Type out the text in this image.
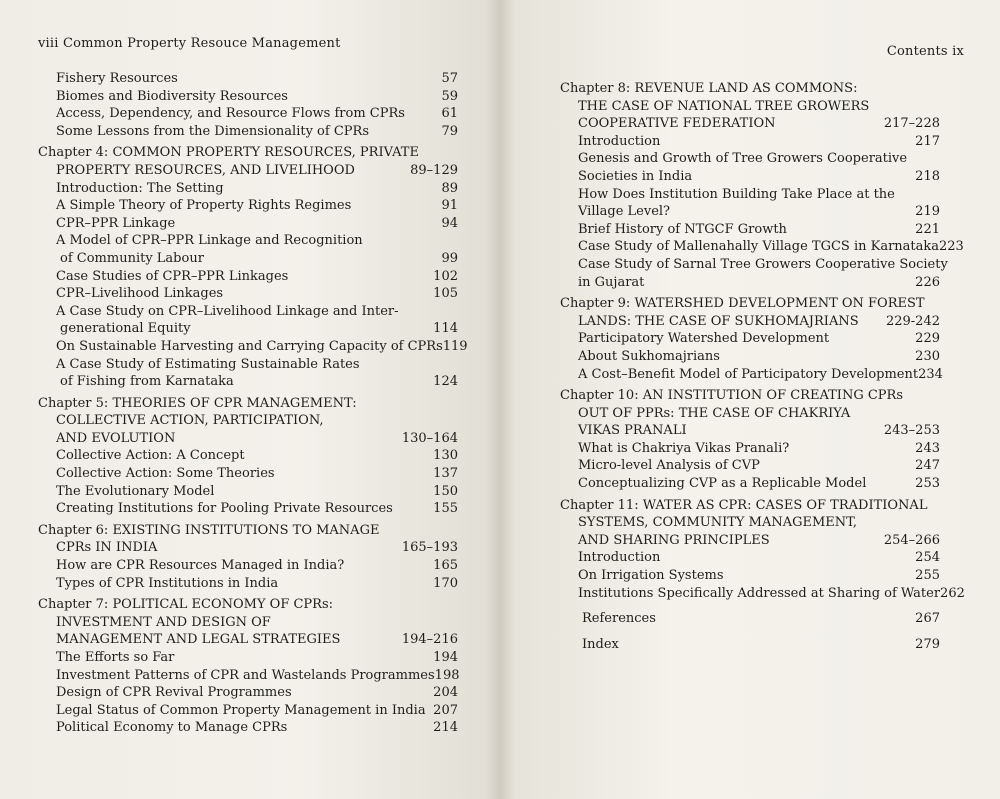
viii Common Property Resouce Management
Fishery Resources	57
Biomes and Biodiversity Resources	59
Access, Dependency, and Resource Flows from CPRs	61
Some Lessons from the Dimensionality of CPRs	79
Chapter 4: COMMON PROPERTY RESOURCES, PRIVATE
PROPERTY RESOURCES, AND LIVELIHOOD	89–129
Introduction: The Setting	89
A Simple Theory of Property Rights Regimes	91
CPR–PPR Linkage	94
A Model of CPR–PPR Linkage and Recognition
of Community Labour	99
Case Studies of CPR–PPR Linkages	102
CPR–Livelihood Linkages	105
A Case Study on CPR–Livelihood Linkage and Inter-
generational Equity	114
On Sustainable Harvesting and Carrying Capacity of CPRs 119
A Case Study of Estimating Sustainable Rates
of Fishing from Karnataka	124
Chapter 5: THEORIES OF CPR MANAGEMENT:
COLLECTIVE ACTION, PARTICIPATION,
AND EVOLUTION	130–164
Collective Action: A Concept	130
Collective Action: Some Theories	137
The Evolutionary Model	150
Creating Institutions for Pooling Private Resources	155
Chapter 6: EXISTING INSTITUTIONS TO MANAGE
CPRs IN INDIA	165–193
How are CPR Resources Managed in India?	165
Types of CPR Institutions in India	170
Chapter 7: POLITICAL ECONOMY OF CPRs:
INVESTMENT AND DESIGN OF
MANAGEMENT AND LEGAL STRATEGIES	194–216
The Efforts so Far	194
Investment Patterns of CPR and Wastelands Programmes 198
Design of CPR Revival Programmes	204
Legal Status of Common Property Management in India 207
Political Economy to Manage CPRs	214
Contents ix
Chapter 8: REVENUE LAND AS COMMONS:
THE CASE OF NATIONAL TREE GROWERS
COOPERATIVE FEDERATION	217–228
Introduction	217
Genesis and Growth of Tree Growers Cooperative
Societies in India	218
How Does Institution Building Take Place at the
Village Level?	219
Brief History of NTGCF Growth	221
Case Study of Mallenahally Village TGCS in Karnataka 223
Case Study of Sarnal Tree Growers Cooperative Society
in Gujarat	226
Chapter 9: WATERSHED DEVELOPMENT ON FOREST
LANDS: THE CASE OF SUKHOMAJRIANS 229-242
Participatory Watershed Development	229
About Sukhomajrians	230
A Cost–Benefit Model of Participatory Development 234
Chapter 10: AN INSTITUTION OF CREATING CPRs
OUT OF PPRs: THE CASE OF CHAKRIYA
VIKAS PRANALI	243–253
What is Chakriya Vikas Pranali?	243
Micro-level Analysis of CVP	247
Conceptualizing CVP as a Replicable Model	253
Chapter 11: WATER AS CPR: CASES OF TRADITIONAL
SYSTEMS, COMMUNITY MANAGEMENT,
AND SHARING PRINCIPLES	254–266
Introduction	254
On Irrigation Systems	255
Institutions Specifically Addressed at Sharing of Water 262
References	267
Index	279
